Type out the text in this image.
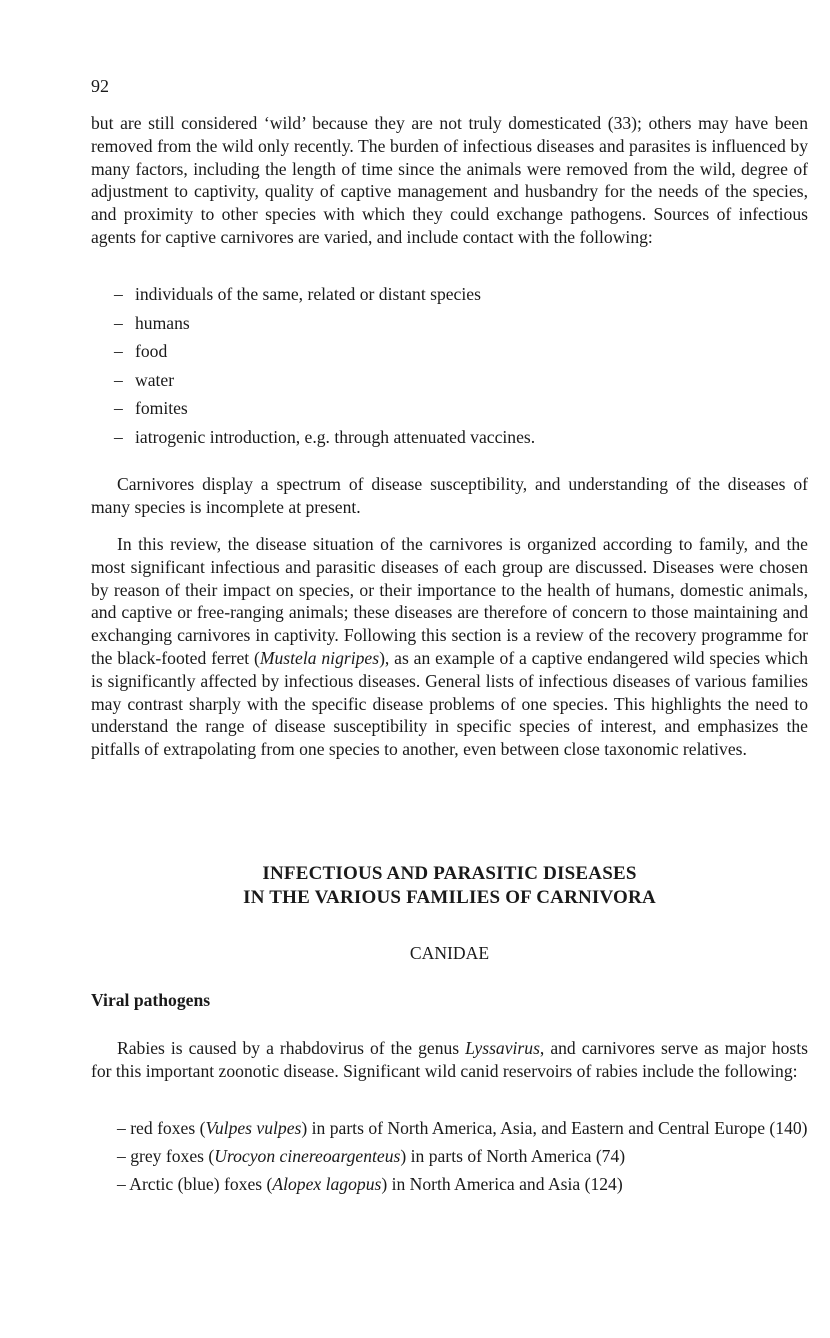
92

but are still considered ‘wild’ because they are not truly domesticated (33); others may have been removed from the wild only recently. The burden of infectious diseases and parasites is influenced by many factors, including the length of time since the animals were removed from the wild, degree of adjustment to captivity, quality of captive management and husbandry for the needs of the species, and proximity to other species with which they could exchange pathogens. Sources of infectious agents for captive carnivores are varied, and include contact with the following:

– individuals of the same, related or distant species
– humans
– food
– water
– fomites
– iatrogenic introduction, e.g. through attenuated vaccines.

Carnivores display a spectrum of disease susceptibility, and understanding of the diseases of many species is incomplete at present.

In this review, the disease situation of the carnivores is organized according to family, and the most significant infectious and parasitic diseases of each group are discussed. Diseases were chosen by reason of their impact on species, or their importance to the health of humans, domestic animals, and captive or free-ranging animals; these diseases are therefore of concern to those maintaining and exchanging carnivores in captivity. Following this section is a review of the recovery programme for the black-footed ferret (Mustela nigripes), as an example of a captive endangered wild species which is significantly affected by infectious diseases. General lists of infectious diseases of various families may contrast sharply with the specific disease problems of one species. This highlights the need to understand the range of disease susceptibility in specific species of interest, and emphasizes the pitfalls of extrapolating from one species to another, even between close taxonomic relatives.

INFECTIOUS AND PARASITIC DISEASES
IN THE VARIOUS FAMILIES OF CARNIVORA
CANIDAE
Viral pathogens

Rabies is caused by a rhabdovirus of the genus Lyssavirus, and carnivores serve as major hosts for this important zoonotic disease. Significant wild canid reservoirs of rabies include the following:

– red foxes (Vulpes vulpes) in parts of North America, Asia, and Eastern and Central Europe (140)
– grey foxes (Urocyon cinereoargenteus) in parts of North America (74)
– Arctic (blue) foxes (Alopex lagopus) in North America and Asia (124)
